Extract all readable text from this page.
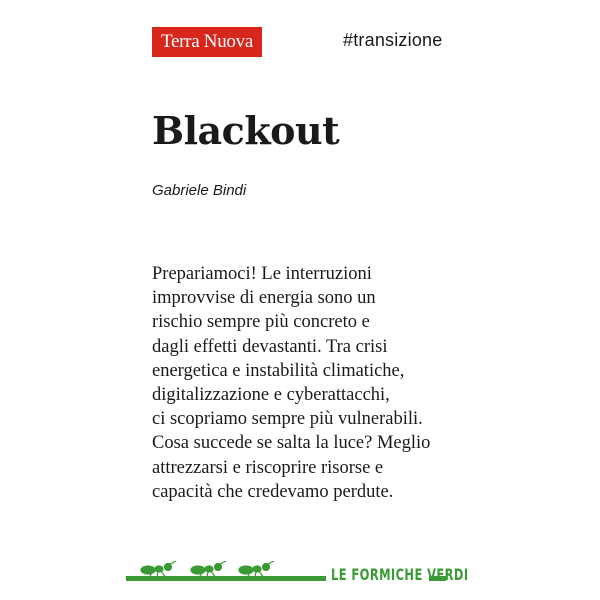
Terra Nuova	#transizione
Blackout
Gabriele Bindi

Prepariamoci! Le interruzioni
improvvise di energia sono un
rischio sempre più concreto e
dagli effetti devastanti. Tra crisi
energetica e instabilità climatiche,
digitalizzazione e cyberattacchi,
ci scopriamo sempre più vulnerabili.
Cosa succede se salta la luce? Meglio
attrezzarsi e riscoprire risorse e
capacità che credevamo perdute.

LE FORMICHE VERDI
